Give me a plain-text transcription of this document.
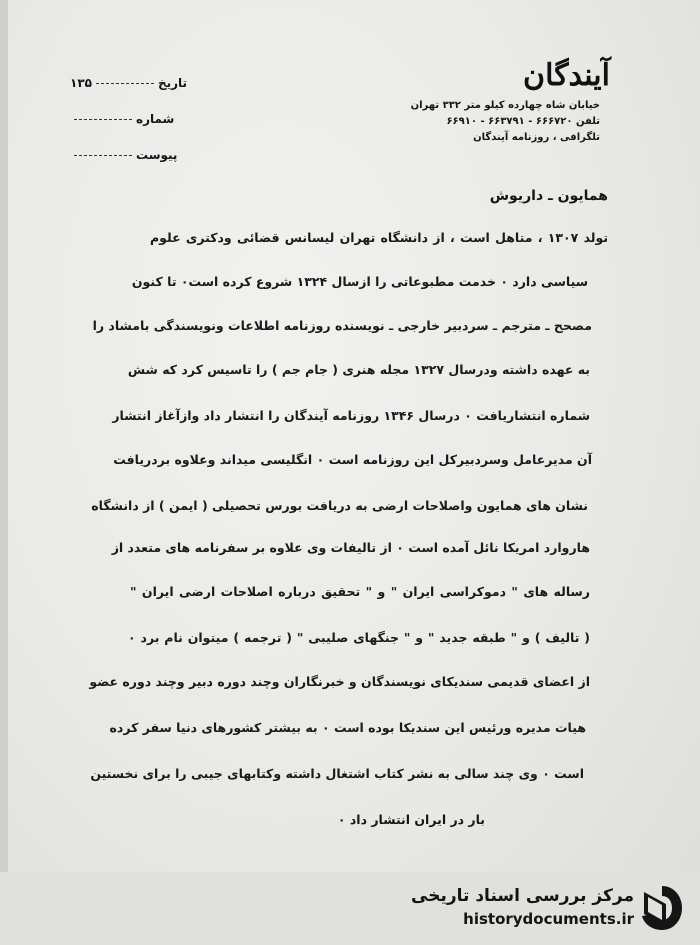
آیندگان
خیابان شاه چهارده کیلو متر ۳۳۲ تهران
تلفن ۶۶۶۷۲۰ - ۶۶۳۷۹۱ - ۶۶۹۱۰
تلگرافی ، روزنامه آیندگان
تاریخ۱۳۵
شماره
پیوست
همایون ـ داریوش
تولد ۱۳۰۷ ، متاهل است ، از دانشگاه تهران لیسانس قضائی ودکتری علوم
سیاسی دارد ٠ خدمت مطبوعاتی را ازسال ۱۳۲۴ شروع کرده است٠ تا کنون
مصحح ـ مترجم ـ سردبیر خارجی ـ نویسنده روزنامه اطلاعات ونویسندگی بامشاد را
به عهده داشته ودرسال ۱۳۲۷ مجله هنری ( جام جم ) را تاسیس کرد که شش
شماره انتشاریافت ٠ درسال ۱۳۴۶ روزنامه آیندگان را انتشار داد وازآغاز انتشار
آن مدیرعامل وسردبیرکل این روزنامه است ٠ انگلیسی میداند وعلاوه بردریافت
نشان های همایون واصلاحات ارضی به دریافت بورس تحصیلی ( ایمن ) از دانشگاه
هاروارد امریکا نائل آمده است ٠ از تالیفات وی علاوه بر سفرنامه های متعدد از
رساله های " دموکراسی ایران " و " تحقیق درباره اصلاحات ارضی ایران "
( تالیف ) و " طبقه جدید " و " جنگهای صلیبی " ( ترجمه ) میتوان نام برد ٠
از اعضای قدیمی سندیکای نویسندگان و خبرنگاران وچند دوره دبیر وچند دوره عضو
هیات مدیره ورئیس این سندیکا بوده است ٠ به بیشتر کشورهای دنیا سفر کرده
است ٠ وی چند سالی به نشر کتاب اشتغال داشته وکتابهای جیبی را برای نخستین
بار در ایران انتشار داد ٠
مرکز بررسی اسناد تاریخی
historydocuments.ir
